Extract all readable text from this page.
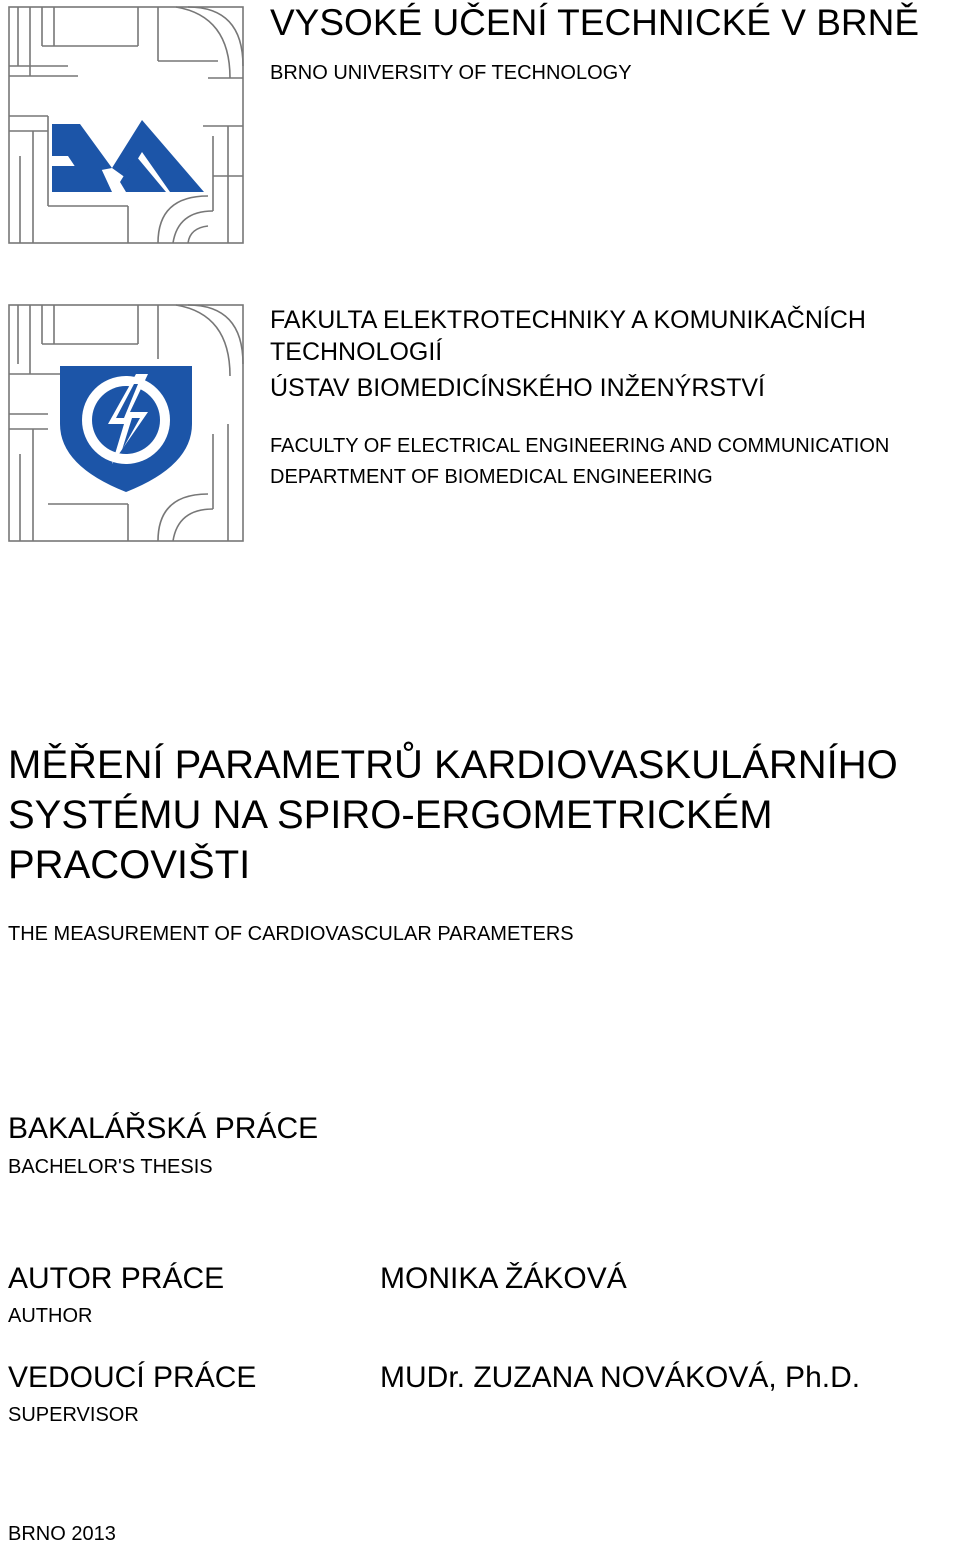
VYSOKÉ UČENÍ TECHNICKÉ V BRNĚ
BRNO UNIVERSITY OF TECHNOLOGY
FAKULTA ELEKTROTECHNIKY A KOMUNIKAČNÍCH
TECHNOLOGIÍ
ÚSTAV BIOMEDICÍNSKÉHO INŽENÝRSTVÍ
FACULTY OF ELECTRICAL ENGINEERING AND COMMUNICATION
DEPARTMENT OF BIOMEDICAL ENGINEERING
MĚŘENÍ PARAMETRŮ KARDIOVASKULÁRNÍHO SYSTÉMU NA SPIRO-ERGOMETRICKÉM PRACOVIŠTI
THE MEASUREMENT OF CARDIOVASCULAR PARAMETERS
BAKALÁŘSKÁ PRÁCE
BACHELOR'S THESIS
AUTOR PRÁCE
AUTHOR
MONIKA ŽÁKOVÁ
VEDOUCÍ PRÁCE
SUPERVISOR
MUDr. ZUZANA NOVÁKOVÁ, Ph.D.
BRNO 2013
